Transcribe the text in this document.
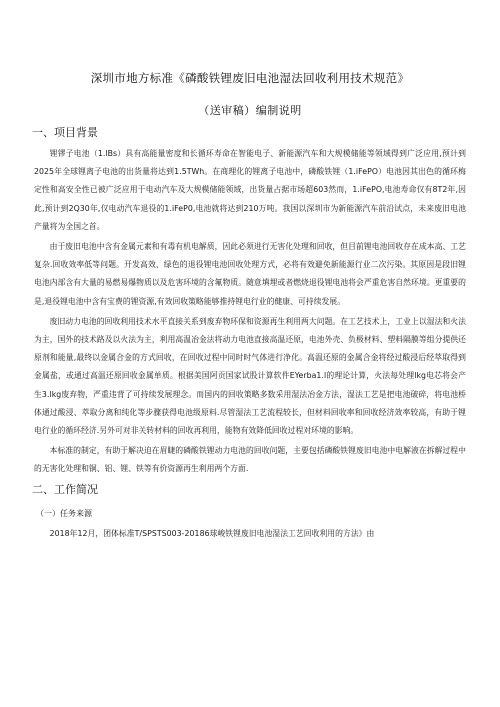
深圳市地方标准《磷酸铁锂废旧电池湿法回收利用技术规范》
（送审稿）编制说明
一、项目背景

锂镠子电池（1.lBs）具有高能量密度和长循环寿命在智能电子、新能源汽车和大规模储能等领域得到广泛应用,预计到2025年全球锂离子电池的出货量将达到1.5TWh。在商理化的锂离子电池中，磷酸铁锂（1.iFePO）电池因其出色的循环梅定性和高安全性已被广泛应用于电动汽车及大规模储能领域，出货量占据市场超603然而，1.iFePO,电池寿命仅有8T2年,因此,预计到2Q30年,仅电动汽车退役的1.iFeP0,电池就将达到210万吨。我国以深圳市为新能源汽车前沿试点，未来废旧电池产量将为全国之首。

由于废旧电池中含有金属元素和有毒有机电解质，因此必须进行无害化处理和回收，但目前锂电池回收存在成本高、工艺复杂.回收效率低等问题。开发高效、绿色的退役锂电池回收处理方式，必将有效避免新能源行业二次污染。其原因是段旧锂电池内部含有大量的易燃易爆物质以及危害环境的含氟物质。随意填埋或者燃烧退役锂电池将会严重危害自然环境。更重要的是,退役锂电池中含有宝费的锂资源,有效回收策略能够推持锂电行业的健康、可持续发展。

废旧动力电池的回收利用技术水平直接关系到废弃物环保和资源再生利用两大问题。在工艺技术上，工业上以湿法和火法为主，国外的技术路及以火法为主，利用高温冶金法将动力电池直接高温还原，电池外壳、负极材料、塑料隔膜等组分提供还原剂和能量,最终以金属合金的方式回收，在回收过程中同时时气体进行净化。高温还原的金属合金将经过酸浸后经萃取得到金属盐，或通过高温还原回收金属单质。根据美国阿贡国家试股计算软件EYerba1.l的理论计算，火法每处理lkg电芯将会产生3.lkg废弃物，严重违背了可持续发展理念。而国内的回收策略多数采用湿法冶金方法，湿法工艺是把电池破碎，将电池桥体通过酸浸、萃取分离和纯化等步骤获得电池级原料.尽管湿法工艺流程较长，但材料回收率和回收经济效率较高，有助于锂电行业的循环经济.另外可对非关转材料的回收再利用，能物有效降低回收过程对环境的影响。

本标准的制定，有助于解决迫在眉睫的磷酸铁锂动力电池的回收问题，主要包括磷酸铁锂废旧电池中电解液在拆解过程中的无害化处理和铜、铝、锂、铁等有价资源再生利用两个方面.

二、工作简况
（一）任务来源

2018年12月，团体标准T/SPSTS003-20186球峻铁锂废旧电池湿法工艺回收利用的方法》由
